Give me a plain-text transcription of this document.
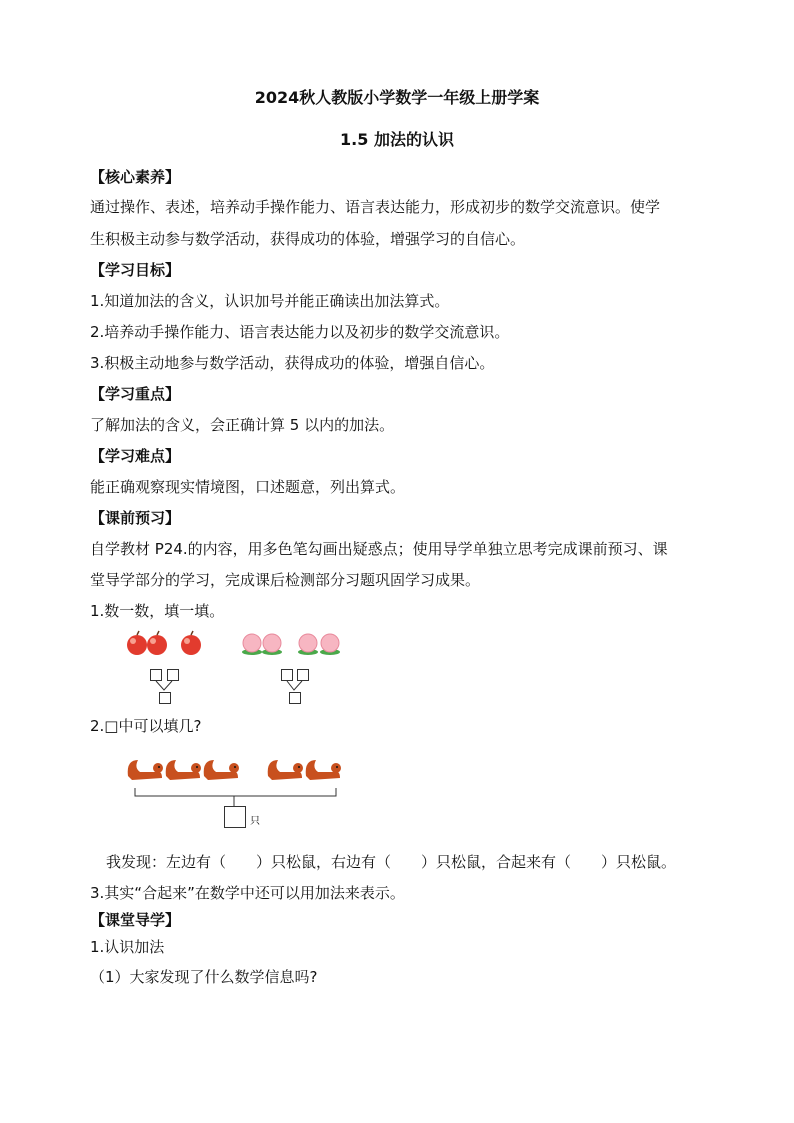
2024秋人教版小学数学一年级上册学案
1.5 加法的认识
【核心素养】
通过操作、表述，培养动手操作能力、语言表达能力，形成初步的数学交流意识。使学
生积极主动参与数学活动，获得成功的体验，增强学习的自信心。
【学习目标】
1.知道加法的含义，认识加号并能正确读出加法算式。
2.培养动手操作能力、语言表达能力以及初步的数学交流意识。
3.积极主动地参与数学活动，获得成功的体验，增强自信心。
【学习重点】
了解加法的含义，会正确计算 5 以内的加法。
【学习难点】
能正确观察现实情境图，口述题意，列出算式。
【课前预习】
自学教材 P24.的内容，用多色笔勾画出疑惑点；使用导学单独立思考完成课前预习、课
堂导学部分的学习，完成课后检测部分习题巩固学习成果。
1.数一数，填一填。
2.□中可以填几?
只
我发现：左边有（　　）只松鼠，右边有（　　）只松鼠，合起来有（　　）只松鼠。
3.其实“合起来”在数学中还可以用加法来表示。
【课堂导学】
1.认识加法
（1）大家发现了什么数学信息吗?
